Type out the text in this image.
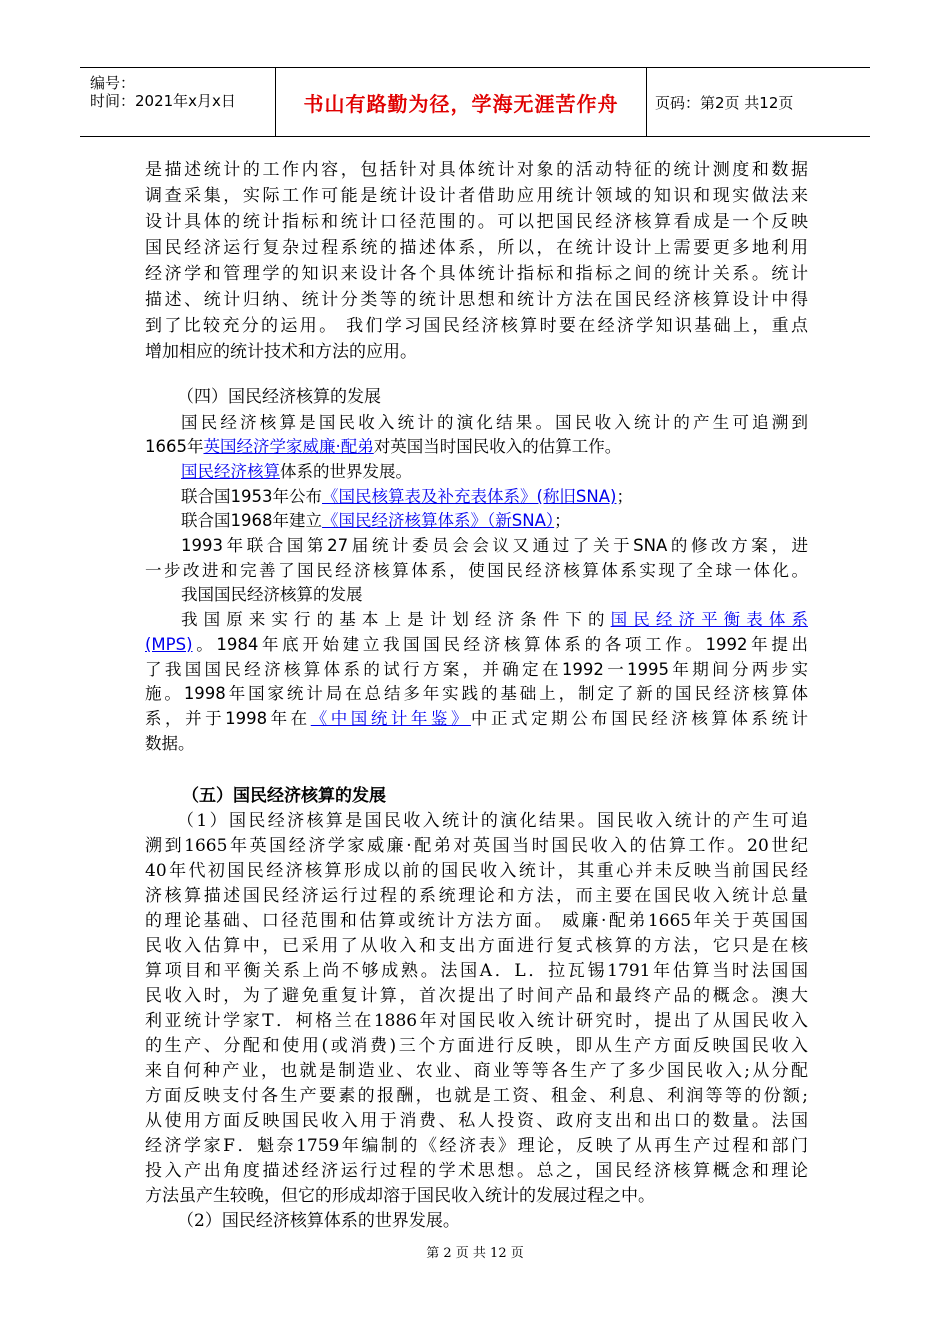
编号：
时间：2021年x月x日	书山有路勤为径，学海无涯苦作舟 页码：第2页 共12页
是描述统计的工作内容，包括针对具体统计对象的活动特征的统计测度和数据
调查采集，实际工作可能是统计设计者借助应用统计领域的知识和现实做法来
设计具体的统计指标和统计口径范围的。可以把国民经济核算看成是一个反映
国民经济运行复杂过程系统的描述体系，所以，在统计设计上需要更多地利用
经济学和管理学的知识来设计各个具体统计指标和指标之间的统计关系。统计
描述、统计归纳、统计分类等的统计思想和统计方法在国民经济核算设计中得
到了比较充分的运用。 我们学习国民经济核算时要在经济学知识基础上，重点
增加相应的统计技术和方法的应用。
（四）国民经济核算的发展
国民经济核算是国民收入统计的演化结果。国民收入统计的产生可追溯到
1665年英国经济学家威廉·配弟对英国当时国民收入的估算工作。
国民经济核算体系的世界发展。
联合国1953年公布《国民核算表及补充表体系》(称旧SNA)；
联合国1968年建立《国民经济核算体系》（新SNA）；
1993年联合国第27届统计委员会会议又通过了关于SNA的修改方案，进
一步改进和完善了国民经济核算体系，使国民经济核算体系实现了全球一体化。
我国国民经济核算的发展
我国原来实行的基本上是计划经济条件下的国民经济平衡表体系
(MPS)。1984年底开始建立我国国民经济核算体系的各项工作。1992年提出
了我国国民经济核算体系的试行方案，并确定在1992一1995年期间分两步实
施。1998年国家统计局在总结多年实践的基础上，制定了新的国民经济核算体
系，并于1998年在《中国统计年鉴》中正式定期公布国民经济核算体系统计
数据。
（五）国民经济核算的发展
（1）国民经济核算是国民收入统计的演化结果。国民收入统计的产生可追
溯到1665年英国经济学家威廉·配弟对英国当时国民收入的估算工作。20世纪
40年代初国民经济核算形成以前的国民收入统计，其重心并未反映当前国民经
济核算描述国民经济运行过程的系统理论和方法，而主要在国民收入统计总量
的理论基础、口径范围和估算或统计方法方面。 威廉·配弟1665年关于英国国
民收入估算中，已采用了从收入和支出方面进行复式核算的方法，它只是在核
算项目和平衡关系上尚不够成熟。法国A．L．拉瓦锡1791年估算当时法国国
民收入时，为了避免重复计算，首次提出了时间产品和最终产品的概念。澳大
利亚统计学家T．柯格兰在1886年对国民收入统计研究时，提出了从国民收入
的生产、分配和使用(或消费)三个方面进行反映，即从生产方面反映国民收入
来自何种产业，也就是制造业、农业、商业等等各生产了多少国民收入;从分配
方面反映支付各生产要素的报酬，也就是工资、租金、利息、利润等等的份额;
从使用方面反映国民收入用于消费、私人投资、政府支出和出口的数量。法国
经济学家F．魁奈1759年编制的《经济表》理论，反映了从再生产过程和部门
投入产出角度描述经济运行过程的学术思想。总之，国民经济核算概念和理论
方法虽产生较晚，但它的形成却溶于国民收入统计的发展过程之中。
（2）国民经济核算体系的世界发展。
第 2 页 共 12 页
